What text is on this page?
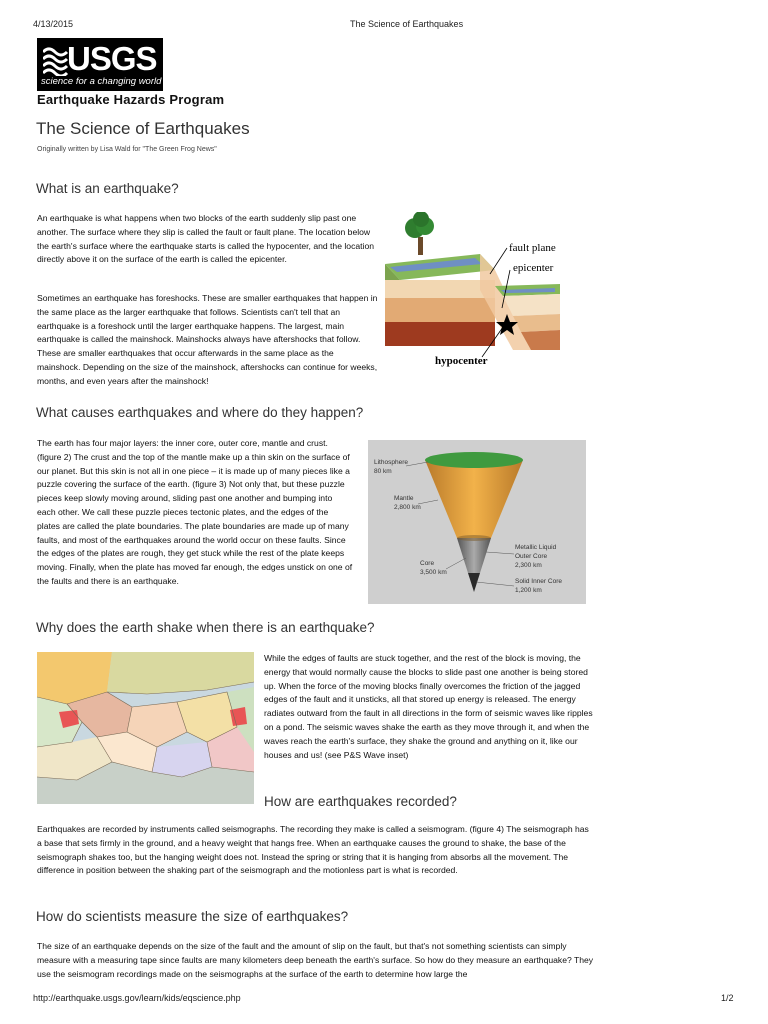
4/13/2015	The Science of Earthquakes
USGS
science for a changing world
Earthquake Hazards Program
The Science of Earthquakes
Originally written by Lisa Wald for "The Green Frog News"
What is an earthquake?

An earthquake is what happens when two blocks of the earth suddenly slip past one another. The surface where they slip is called the fault or fault plane. The location below the earth's surface where the earthquake starts is called the hypocenter, and the location directly above it on the surface of the earth is called the epicenter.

Sometimes an earthquake has foreshocks. These are smaller earthquakes that happen in the same place as the larger earthquake that follows. Scientists can't tell that an earthquake is a foreshock until the larger earthquake happens. The largest, main earthquake is called the mainshock. Mainshocks always have aftershocks that follow. These are smaller earthquakes that occur afterwards in the same place as the mainshock. Depending on the size of the mainshock, aftershocks can continue for weeks, months, and even years after the mainshock!

fault plane
epicenter
hypocenter
What causes earthquakes and where do they happen?

The earth has four major layers: the inner core, outer core, mantle and crust. (figure 2) The crust and the top of the mantle make up a thin skin on the surface of our planet. But this skin is not all in one piece – it is made up of many pieces like a puzzle covering the surface of the earth. (figure 3) Not only that, but these puzzle pieces keep slowly moving around, sliding past one another and bumping into each other. We call these puzzle pieces tectonic plates, and the edges of the plates are called the plate boundaries. The plate boundaries are made up of many faults, and most of the earthquakes around the world occur on these faults. Since the edges of the plates are rough, they get stuck while the rest of the plate keeps moving. Finally, when the plate has moved far enough, the edges unstick on one of the faults and there is an earthquake.

Lithosphere
80 km
Mantle
2,800 km
Metallic Liquid
Outer Core
2,300 km
Core
3,500 km
Solid Inner Core
1,200 km
Why does the earth shake when there is an earthquake?

While the edges of faults are stuck together, and the rest of the block is moving, the energy that would normally cause the blocks to slide past one another is being stored up. When the force of the moving blocks finally overcomes the friction of the jagged edges of the fault and it unsticks, all that stored up energy is released. The energy radiates outward from the fault in all directions in the form of seismic waves like ripples on a pond. The seismic waves shake the earth as they move through it, and when the waves reach the earth's surface, they shake the ground and anything on it, like our houses and us! (see P&S Wave inset)

How are earthquakes recorded?

Earthquakes are recorded by instruments called seismographs. The recording they make is called a seismogram. (figure 4) The seismograph has a base that sets firmly in the ground, and a heavy weight that hangs free. When an earthquake causes the ground to shake, the base of the seismograph shakes too, but the hanging weight does not. Instead the spring or string that it is hanging from absorbs all the movement. The difference in position between the shaking part of the seismograph and the motionless part is what is recorded.

How do scientists measure the size of earthquakes?

The size of an earthquake depends on the size of the fault and the amount of slip on the fault, but that's not something scientists can simply measure with a measuring tape since faults are many kilometers deep beneath the earth's surface. So how do they measure an earthquake? They use the seismogram recordings made on the seismographs at the surface of the earth to determine how large the

http://earthquake.usgs.gov/learn/kids/eqscience.php	1/2
